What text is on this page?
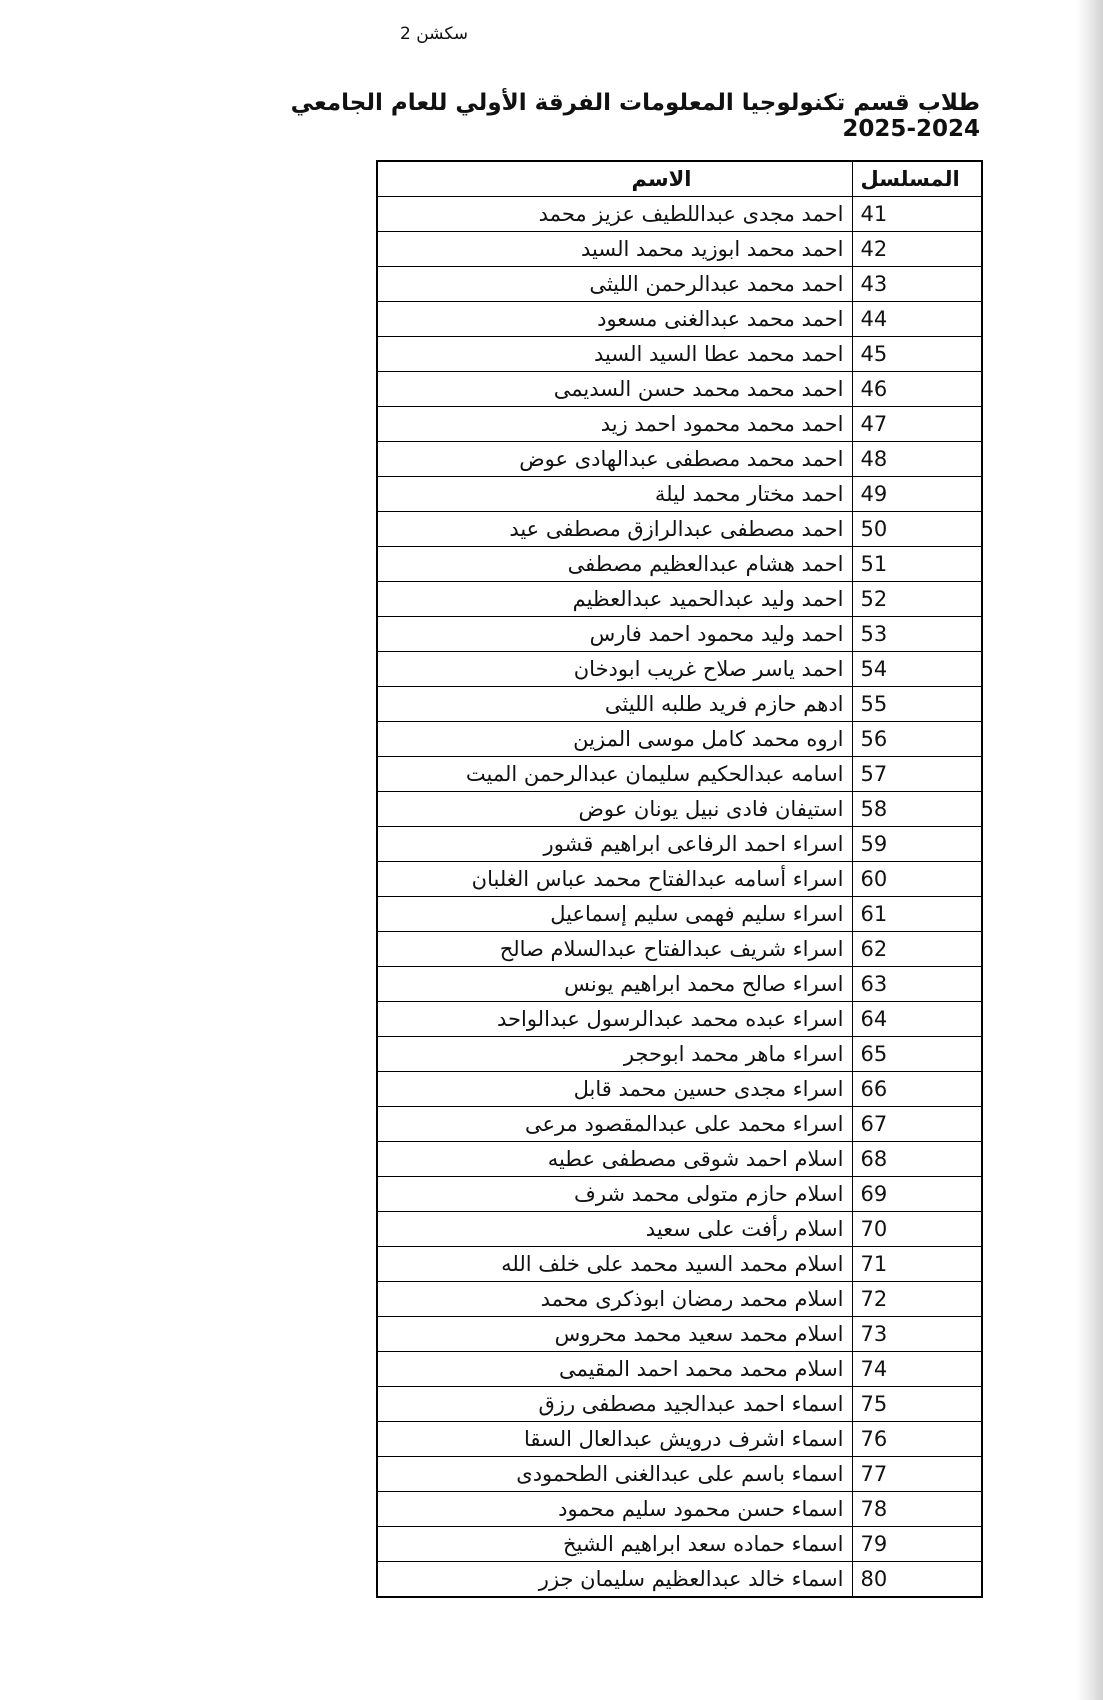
سكشن 2
طلاب قسم تكنولوجيا المعلومات الفرقة الأولي للعام الجامعي 2024-2025
المسلسل	الاسم
41	احمد مجدى عبداللطيف عزيز محمد
42	احمد محمد ابوزيد محمد السيد
43	احمد محمد عبدالرحمن الليثى
44	احمد محمد عبدالغنى مسعود
45	احمد محمد عطا السيد السيد
46	احمد محمد محمد حسن السديمى
47	احمد محمد محمود احمد زيد
48	احمد محمد مصطفى عبدالهادى عوض
49	احمد مختار محمد ليلة
50	احمد مصطفى عبدالرازق مصطفى عيد
51	احمد هشام عبدالعظيم مصطفى
52	احمد وليد عبدالحميد عبدالعظيم
53	احمد وليد محمود احمد فارس
54	احمد ياسر صلاح غريب ابودخان
55	ادهم حازم فريد طلبه الليثى
56	اروه محمد كامل موسى المزين
57	اسامه عبدالحكيم سليمان عبدالرحمن الميت
58	استيفان فادى نبيل يونان عوض
59	اسراء احمد الرفاعى ابراهيم قشور
60	اسراء أسامه عبدالفتاح محمد عباس الغلبان
61	اسراء سليم فهمى سليم إسماعيل
62	اسراء شريف عبدالفتاح عبدالسلام صالح
63	اسراء صالح محمد ابراهيم يونس
64	اسراء عبده محمد عبدالرسول عبدالواحد
65	اسراء ماهر محمد ابوحجر
66	اسراء مجدى حسين محمد قابل
67	اسراء محمد على عبدالمقصود مرعى
68	اسلام احمد شوقى مصطفى عطيه
69	اسلام حازم متولى محمد شرف
70	اسلام رأفت على سعيد
71	اسلام محمد السيد محمد على خلف الله
72	اسلام محمد رمضان ابوذكرى محمد
73	اسلام محمد سعيد محمد محروس
74	اسلام محمد محمد احمد المقيمى
75	اسماء احمد عبدالجيد مصطفى رزق
76	اسماء اشرف درويش عبدالعال السقا
77	اسماء باسم على عبدالغنى الطحمودى
78	اسماء حسن محمود سليم محمود
79	اسماء حماده سعد ابراهيم الشيخ
80	اسماء خالد عبدالعظيم سليمان جزر
